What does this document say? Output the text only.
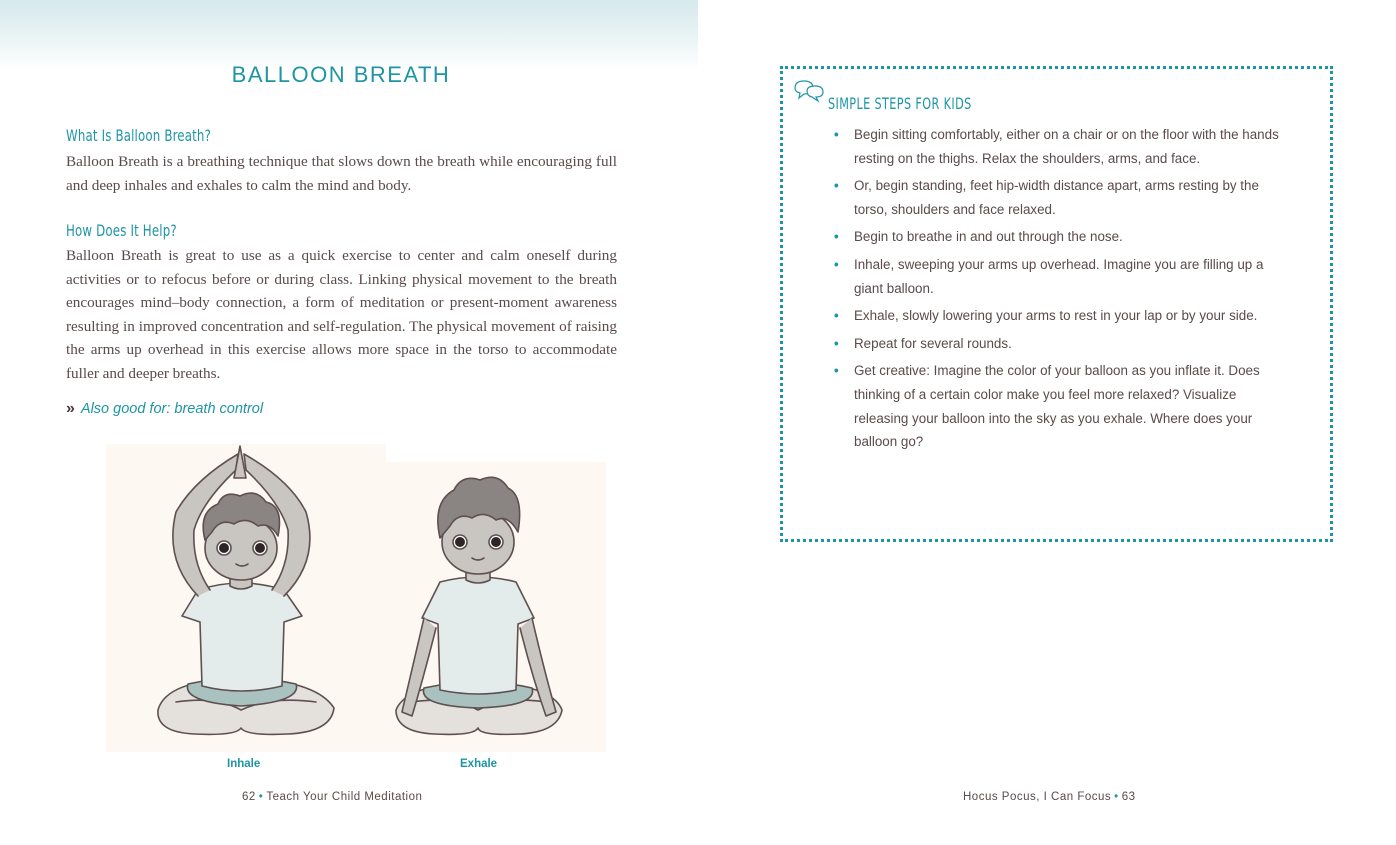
BALLOON BREATH
What Is Balloon Breath?

Balloon Breath is a breathing technique that slows down the breath while encouraging full and deep inhales and exhales to calm the mind and body.

How Does It Help?

Balloon Breath is great to use as a quick exercise to center and calm oneself during activities or to refocus before or during class. Linking physical movement to the breath encourages mind–body connection, a form of meditation or present-moment awareness resulting in improved concentration and self-regulation. The physical movement of raising the arms up overhead in this exercise allows more space in the torso to accommodate fuller and deeper breaths.

» Also good for: breath control
Inhale	Exhale
62 • Teach Your Child Meditation
SIMPLE STEPS FOR KIDS
• Begin sitting comfortably, either on a chair or on the floor with the hands resting on the thighs. Relax the shoulders, arms, and face.
• Or, begin standing, feet hip-width distance apart, arms resting by the torso, shoulders and face relaxed.
• Begin to breathe in and out through the nose.
• Inhale, sweeping your arms up overhead. Imagine you are filling up a giant balloon.
• Exhale, slowly lowering your arms to rest in your lap or by your side.
• Repeat for several rounds.
• Get creative: Imagine the color of your balloon as you inflate it. Does thinking of a certain color make you feel more relaxed? Visualize releasing your balloon into the sky as you exhale. Where does your balloon go?
Hocus Pocus, I Can Focus • 63
